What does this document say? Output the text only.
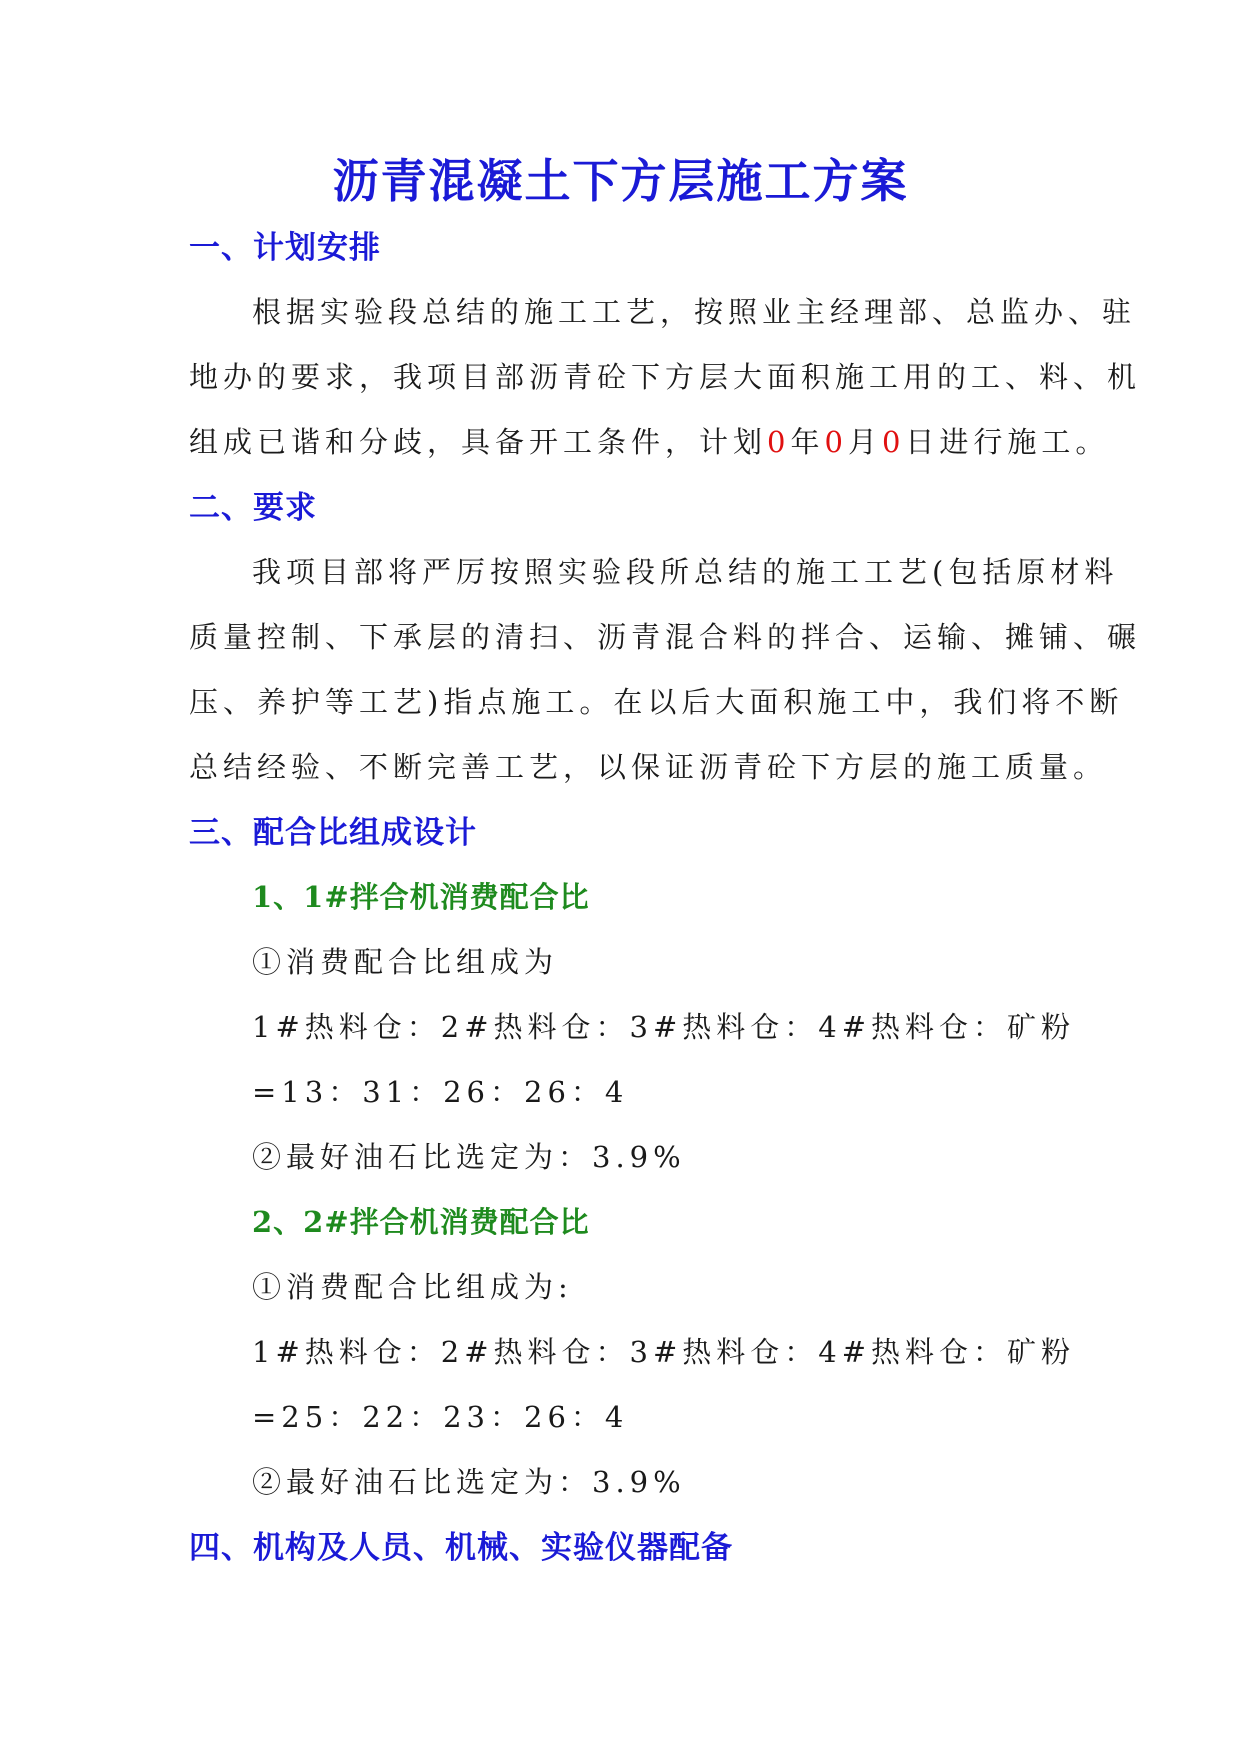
沥青混凝土下方层施工方案
一、计划安排
根据实验段总结的施工工艺，按照业主经理部、总监办、驻
地办的要求，我项目部沥青砼下方层大面积施工用的工、料、机
组成已谐和分歧，具备开工条件，计划0年0月0日进行施工。
二、要求
我项目部将严厉按照实验段所总结的施工工艺(包括原材料
质量控制、下承层的清扫、沥青混合料的拌合、运输、摊铺、碾
压、养护等工艺)指点施工。在以后大面积施工中，我们将不断
总结经验、不断完善工艺，以保证沥青砼下方层的施工质量。
三、配合比组成设计
1、1#拌合机消费配合比
①消费配合比组成为
1#热料仓：2#热料仓：3#热料仓：4#热料仓：矿粉
=13：31：26：26：4
②最好油石比选定为：3.9%
2、2#拌合机消费配合比
①消费配合比组成为:
1#热料仓：2#热料仓：3#热料仓：4#热料仓：矿粉
=25：22：23：26：4
②最好油石比选定为：3.9%
四、机构及人员、机械、实验仪器配备
